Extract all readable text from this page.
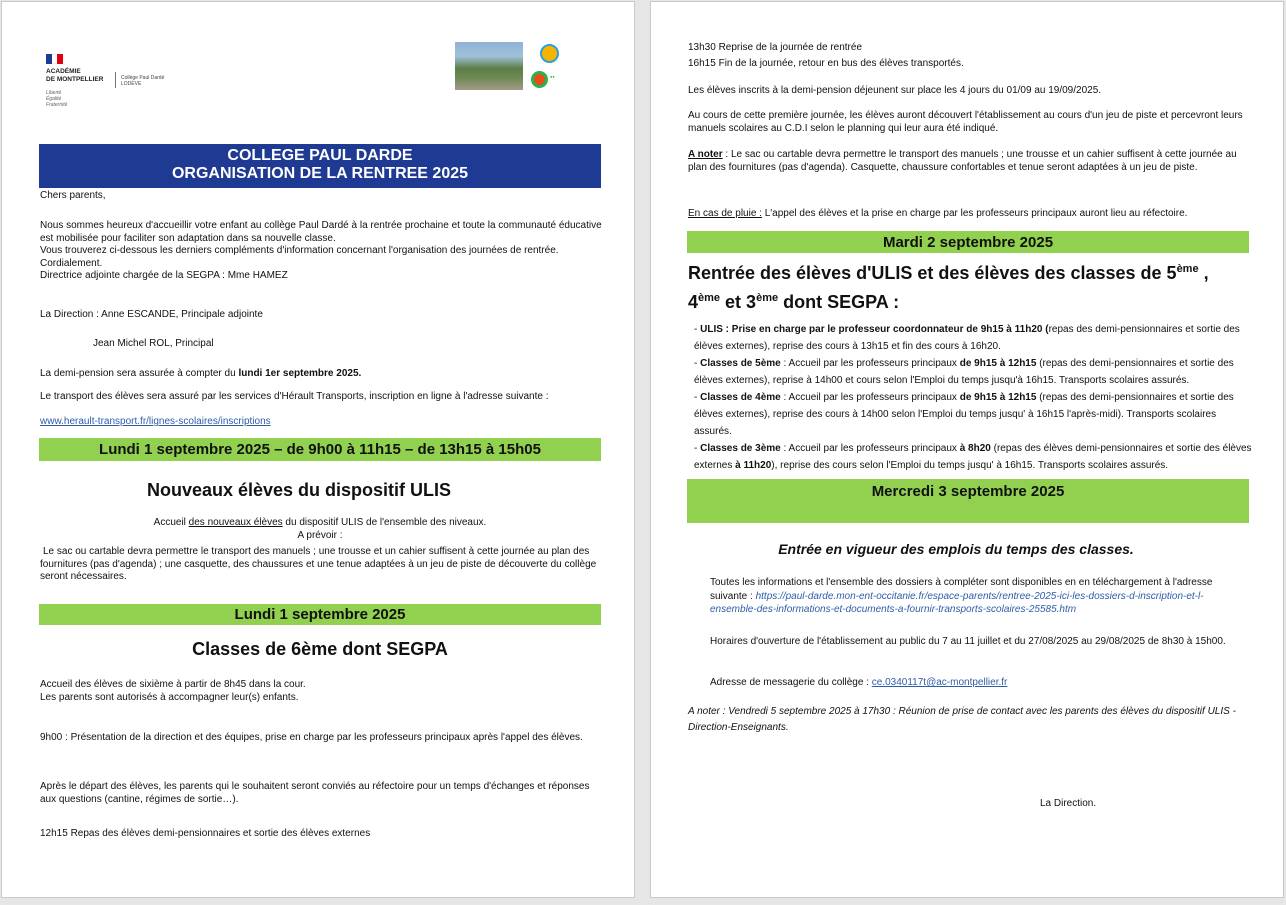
ACADÉMIE
DE MONTPELLIER
Liberté
Égalité
Fraternité
Collège Paul Dardé
LODÈVE
●●
COLLEGE PAUL DARDE
ORGANISATION DE LA RENTREE 2025
Chers parents,
Nous sommes heureux d'accueillir votre enfant au collège Paul Dardé à la rentrée prochaine et toute la communauté éducative est mobilisée pour faciliter son adaptation dans sa nouvelle classe.
Vous trouverez ci-dessous les derniers compléments d'information concernant l'organisation des journées de rentrée.
Cordialement.
Directrice adjointe chargée de la SEGPA : Mme HAMEZ
La Direction : Anne ESCANDE, Principale adjointe
Jean Michel ROL, Principal
La demi-pension sera assurée à compter du lundi 1er septembre 2025.
Le transport des élèves sera assuré par les services d'Hérault Transports, inscription en ligne à l'adresse suivante :
www.herault-transport.fr/lignes-scolaires/inscriptions
Lundi 1 septembre 2025 – de 9h00 à 11h15 – de 13h15 à 15h05
Nouveaux élèves du dispositif ULIS
Accueil des nouveaux élèves du dispositif ULIS de l'ensemble des niveaux.
A prévoir :
Le sac ou cartable devra permettre le transport des manuels ; une trousse et un cahier suffisent à cette journée au plan des fournitures (pas d'agenda) ; une casquette, des chaussures et une tenue adaptées à un jeu de piste de découverte du collège seront nécessaires.
Lundi 1 septembre 2025
Classes de 6ème dont SEGPA
Accueil des élèves de sixième à partir de 8h45 dans la cour.
Les parents sont autorisés à accompagner leur(s) enfants.
9h00 : Présentation de la direction et des équipes, prise en charge par les professeurs principaux après l'appel des élèves.
Après le départ des élèves, les parents qui le souhaitent seront conviés au réfectoire pour un temps d'échanges et réponses aux questions (cantine, régimes de sortie…).
12h15 Repas des élèves demi-pensionnaires et sortie des élèves externes
13h30 Reprise de la journée de rentrée
16h15 Fin de la journée, retour en bus des élèves transportés.
Les élèves inscrits à la demi-pension déjeunent sur place les 4 jours du 01/09 au 19/09/2025.
Au cours de cette première journée, les élèves auront découvert l'établissement au cours d'un jeu de piste et percevront leurs manuels scolaires au C.D.I selon le planning qui leur aura été indiqué.
A noter : Le sac ou cartable devra permettre le transport des manuels ; une trousse et un cahier suffisent à cette journée au plan des fournitures (pas d'agenda). Casquette, chaussure confortables et tenue seront adaptées à un jeu de piste.
En cas de pluie : L'appel des élèves et la prise en charge par les professeurs principaux auront lieu au réfectoire.
Mardi 2 septembre 2025
Rentrée des élèves d'ULIS et des élèves des classes de 5ème ,
4ème et 3ème dont SEGPA :
- ULIS : Prise en charge par le professeur coordonnateur de 9h15 à 11h20 (repas des demi-pensionnaires et sortie des élèves externes), reprise des cours à 13h15 et fin des cours à 16h20.
- Classes de 5ème : Accueil par les professeurs principaux de 9h15 à 12h15 (repas des demi-pensionnaires et sortie des élèves externes), reprise à 14h00 et cours selon l'Emploi du temps jusqu'à 16h15. Transports scolaires assurés.
- Classes de 4ème : Accueil par les professeurs principaux de 9h15 à 12h15 (repas des demi-pensionnaires et sortie des élèves externes), reprise des cours à 14h00 selon l'Emploi du temps jusqu' à 16h15 l'après-midi). Transports scolaires assurés.
- Classes de 3ème : Accueil par les professeurs principaux à 8h20 (repas des élèves demi-pensionnaires et sortie des élèves externes à 11h20), reprise des cours selon l'Emploi du temps jusqu' à 16h15. Transports scolaires assurés.
Mercredi 3 septembre 2025
Entrée en vigueur des emplois du temps des classes.
Toutes les informations et l'ensemble des dossiers à compléter sont disponibles en en téléchargement à l'adresse suivante : https://paul-darde.mon-ent-occitanie.fr/espace-parents/rentree-2025-ici-les-dossiers-d-inscription-et-l-ensemble-des-informations-et-documents-a-fournir-transports-scolaires-25585.htm
Horaires d'ouverture de l'établissement au public du 7 au 11 juillet et du 27/08/2025 au 29/08/2025 de 8h30 à 15h00.
Adresse de messagerie du collège : ce.0340117t@ac-montpellier.fr
A noter : Vendredi 5 septembre 2025 à 17h30 : Réunion de prise de contact avec les parents des élèves du dispositif ULIS -Direction-Enseignants.
La Direction.
